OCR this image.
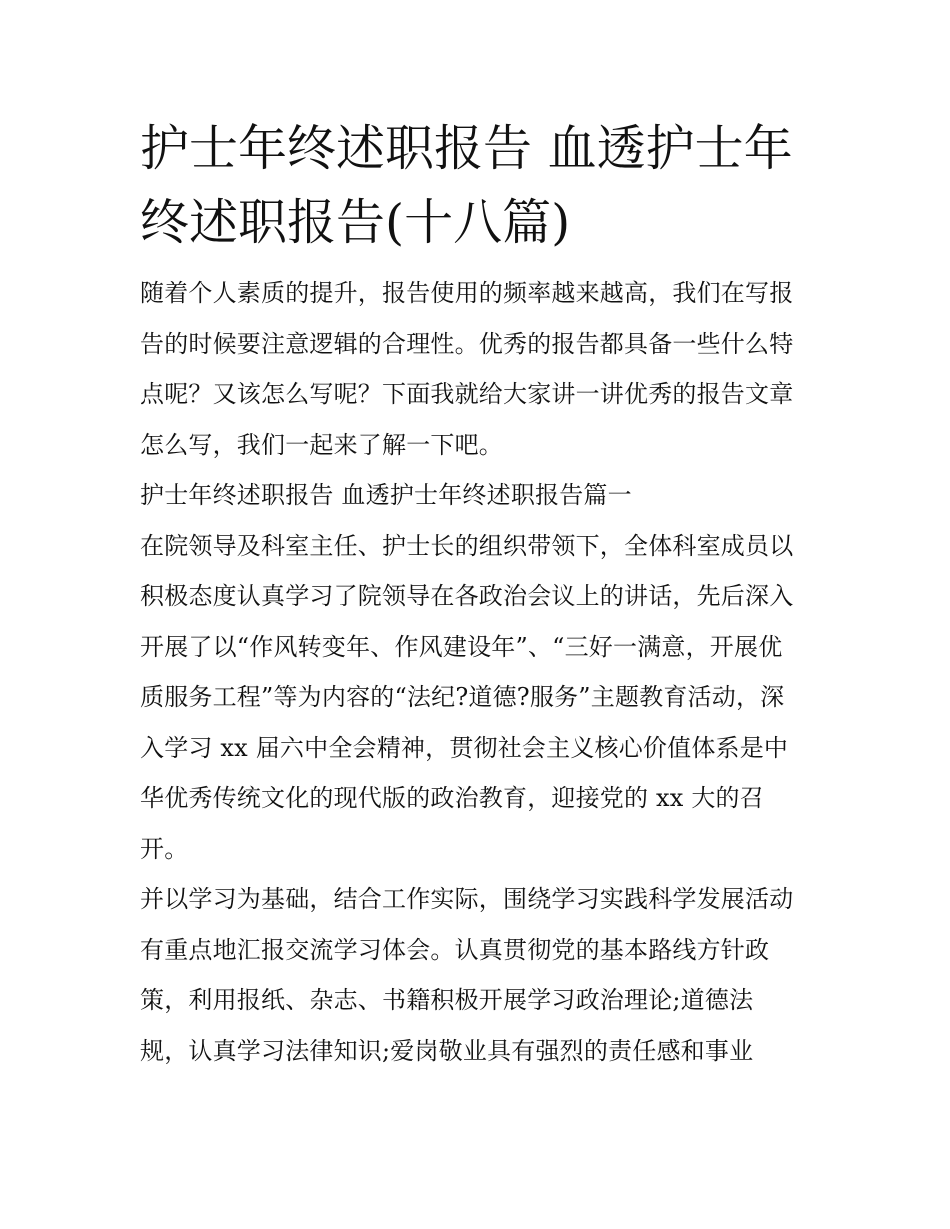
护士年终述职报告 血透护士年
终述职报告(十八篇)
随着个人素质的提升，报告使用的频率越来越高，我们在写报
告的时候要注意逻辑的合理性。优秀的报告都具备一些什么特
点呢？又该怎么写呢？下面我就给大家讲一讲优秀的报告文章
怎么写，我们一起来了解一下吧。
护士年终述职报告 血透护士年终述职报告篇一
在院领导及科室主任、护士长的组织带领下，全体科室成员以
积极态度认真学习了院领导在各政治会议上的讲话，先后深入
开展了以“作风转变年、作风建设年”、“三好一满意，开展优
质服务工程”等为内容的“法纪?道德?服务”主题教育活动，深
入学习 xx 届六中全会精神，贯彻社会主义核心价值体系是中
华优秀传统文化的现代版的政治教育，迎接党的 xx 大的召
开。
并以学习为基础，结合工作实际，围绕学习实践科学发展活动
有重点地汇报交流学习体会。认真贯彻党的基本路线方针政
策，利用报纸、杂志、书籍积极开展学习政治理论;道德法
规，认真学习法律知识;爱岗敬业具有强烈的责任感和事业
